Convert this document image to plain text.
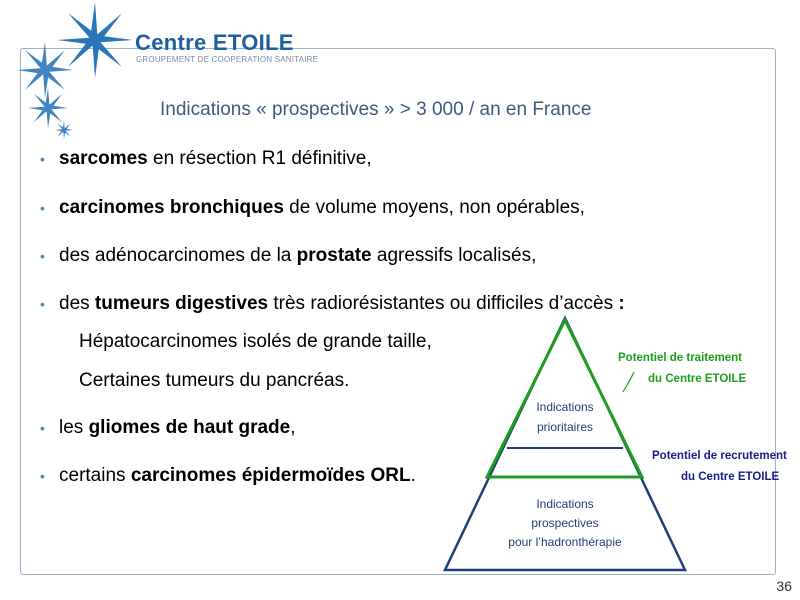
Centre ETOILE
GROUPEMENT DE COOPERATION SANITAIRE
Indications « prospectives » > 3 000 / an en France
• sarcomes en résection R1 définitive,
• carcinomes bronchiques de volume moyens, non opérables,
• des adénocarcinomes de la prostate agressifs localisés,
• des tumeurs digestives très radiorésistantes ou difficiles d’accès :
Hépatocarcinomes isolés de grande taille,
Certaines tumeurs du pancréas.
• les gliomes de haut grade,
• certains carcinomes épidermoïdes ORL.
Indications
prioritaires
Indications
prospectives
pour l’hadronthérapie
Potentiel de traitement
du Centre ETOILE
Potentiel de recrutement
du Centre ETOILE
36
